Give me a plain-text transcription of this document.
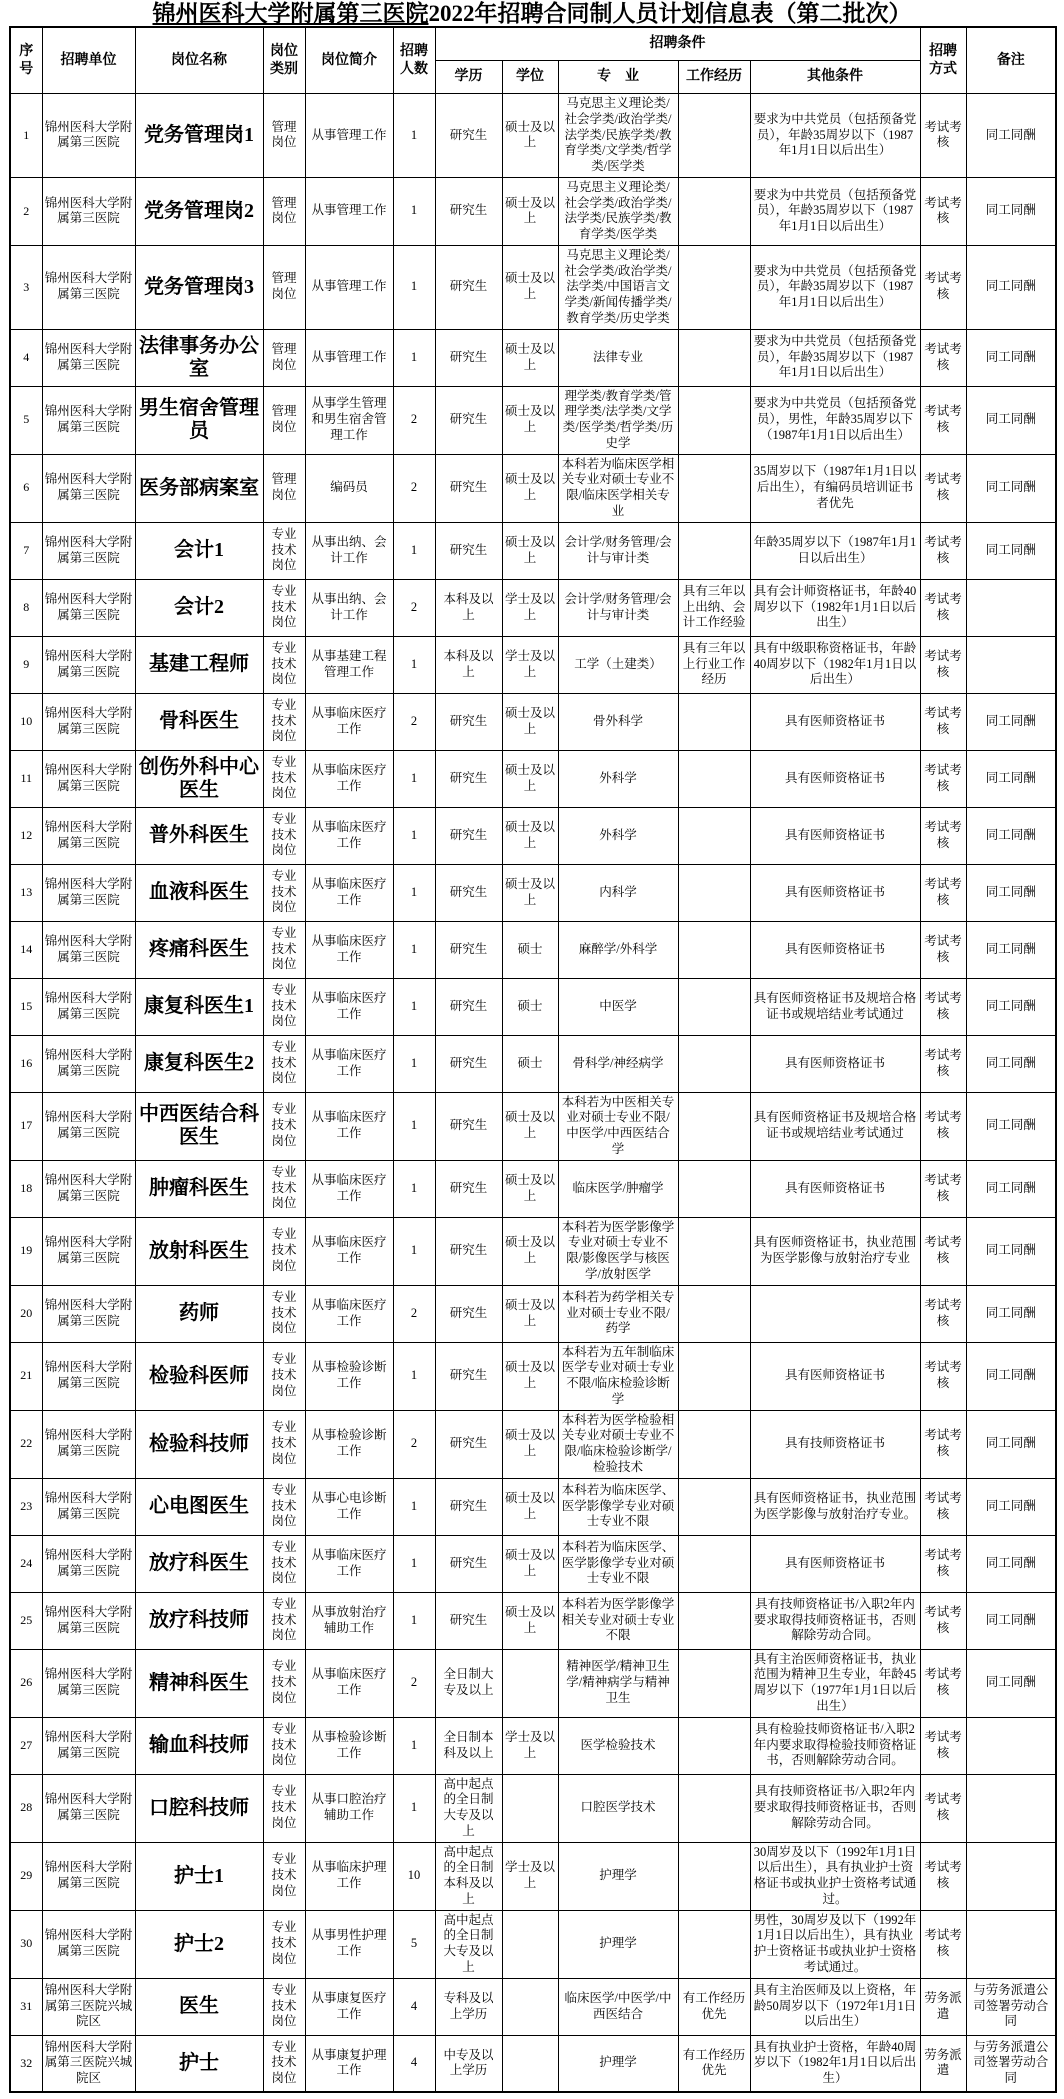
锦州医科大学附属第三医院2022年招聘合同制人员计划信息表（第二批次）
序号	招聘单位	岗位名称	岗位类别	岗位简介	招聘人数	招聘条件					招聘方式	备注
						学历	学位	专　业	工作经历	其他条件		
1	锦州医科大学附属第三医院	党务管理岗1	管理岗位	从事管理工作	1	研究生	硕士及以上	马克思主义理论类/社会学类/政治学类/法学类/民族学类/教育学类/文学类/哲学类/医学类		要求为中共党员（包括预备党员），年龄35周岁以下（1987年1月1日以后出生）	考试考核	同工同酬
2	锦州医科大学附属第三医院	党务管理岗2	管理岗位	从事管理工作	1	研究生	硕士及以上	马克思主义理论类/社会学类/政治学类/法学类/民族学类/教育学类/医学类		要求为中共党员（包括预备党员），年龄35周岁以下（1987年1月1日以后出生）	考试考核	同工同酬
3	锦州医科大学附属第三医院	党务管理岗3	管理岗位	从事管理工作	1	研究生	硕士及以上	马克思主义理论类/社会学类/政治学类/法学类/中国语言文学类/新闻传播学类/教育学类/历史学类		要求为中共党员（包括预备党员），年龄35周岁以下（1987年1月1日以后出生）	考试考核	同工同酬
4	锦州医科大学附属第三医院	法律事务办公室	管理岗位	从事管理工作	1	研究生	硕士及以上	法律专业		要求为中共党员（包括预备党员），年龄35周岁以下（1987年1月1日以后出生）	考试考核	同工同酬
5	锦州医科大学附属第三医院	男生宿舍管理员	管理岗位	从事学生管理和男生宿舍管理工作	2	研究生	硕士及以上	理学类/教育学类/管理学类/法学类/文学类/医学类/哲学类/历史学		要求为中共党员（包括预备党员），男性，年龄35周岁以下（1987年1月1日以后出生）	考试考核	同工同酬
6	锦州医科大学附属第三医院	医务部病案室	管理岗位	编码员	2	研究生	硕士及以上	本科若为临床医学相关专业对硕士专业不限/临床医学相关专业		35周岁以下（1987年1月1日以后出生），有编码员培训证书者优先	考试考核	同工同酬
7	锦州医科大学附属第三医院	会计1	专业技术岗位	从事出纳、会计工作	1	研究生	硕士及以上	会计学/财务管理/会计与审计类		年龄35周岁以下（1987年1月1日以后出生）	考试考核	同工同酬
8	锦州医科大学附属第三医院	会计2	专业技术岗位	从事出纳、会计工作	2	本科及以上	学士及以上	会计学/财务管理/会计与审计类	具有三年以上出纳、会计工作经验	具有会计师资格证书，年龄40周岁以下（1982年1月1日以后出生）	考试考核	
9	锦州医科大学附属第三医院	基建工程师	专业技术岗位	从事基建工程管理工作	1	本科及以上	学士及以上	工学（土建类）	具有三年以上行业工作经历	具有中级职称资格证书，年龄40周岁以下（1982年1月1日以后出生）	考试考核	
10	锦州医科大学附属第三医院	骨科医生	专业技术岗位	从事临床医疗工作	2	研究生	硕士及以上	骨外科学		具有医师资格证书	考试考核	同工同酬
11	锦州医科大学附属第三医院	创伤外科中心医生	专业技术岗位	从事临床医疗工作	1	研究生	硕士及以上	外科学		具有医师资格证书	考试考核	同工同酬
12	锦州医科大学附属第三医院	普外科医生	专业技术岗位	从事临床医疗工作	1	研究生	硕士及以上	外科学		具有医师资格证书	考试考核	同工同酬
13	锦州医科大学附属第三医院	血液科医生	专业技术岗位	从事临床医疗工作	1	研究生	硕士及以上	内科学		具有医师资格证书	考试考核	同工同酬
14	锦州医科大学附属第三医院	疼痛科医生	专业技术岗位	从事临床医疗工作	1	研究生	硕士	麻醉学/外科学		具有医师资格证书	考试考核	同工同酬
15	锦州医科大学附属第三医院	康复科医生1	专业技术岗位	从事临床医疗工作	1	研究生	硕士	中医学		具有医师资格证书及规培合格证书或规培结业考试通过	考试考核	同工同酬
16	锦州医科大学附属第三医院	康复科医生2	专业技术岗位	从事临床医疗工作	1	研究生	硕士	骨科学/神经病学		具有医师资格证书	考试考核	同工同酬
17	锦州医科大学附属第三医院	中西医结合科医生	专业技术岗位	从事临床医疗工作	1	研究生	硕士及以上	本科若为中医相关专业对硕士专业不限/中医学/中西医结合学		具有医师资格证书及规培合格证书或规培结业考试通过	考试考核	同工同酬
18	锦州医科大学附属第三医院	肿瘤科医生	专业技术岗位	从事临床医疗工作	1	研究生	硕士及以上	临床医学/肿瘤学		具有医师资格证书	考试考核	同工同酬
19	锦州医科大学附属第三医院	放射科医生	专业技术岗位	从事临床医疗工作	1	研究生	硕士及以上	本科若为医学影像学专业对硕士专业不限/影像医学与核医学/放射医学		具有医师资格证书，执业范围为医学影像与放射治疗专业	考试考核	同工同酬
20	锦州医科大学附属第三医院	药师	专业技术岗位	从事临床医疗工作	2	研究生	硕士及以上	本科若为药学相关专业对硕士专业不限/药学			考试考核	同工同酬
21	锦州医科大学附属第三医院	检验科医师	专业技术岗位	从事检验诊断工作	1	研究生	硕士及以上	本科若为五年制临床医学专业对硕士专业不限/临床检验诊断学		具有医师资格证书	考试考核	同工同酬
22	锦州医科大学附属第三医院	检验科技师	专业技术岗位	从事检验诊断工作	2	研究生	硕士及以上	本科若为医学检验相关专业对硕士专业不限/临床检验诊断学/检验技术		具有技师资格证书	考试考核	同工同酬
23	锦州医科大学附属第三医院	心电图医生	专业技术岗位	从事心电诊断工作	1	研究生	硕士及以上	本科若为临床医学、医学影像学专业对硕士专业不限		具有医师资格证书，执业范围为医学影像与放射治疗专业。	考试考核	同工同酬
24	锦州医科大学附属第三医院	放疗科医生	专业技术岗位	从事临床医疗工作	1	研究生	硕士及以上	本科若为临床医学、医学影像学专业对硕士专业不限		具有医师资格证书	考试考核	同工同酬
25	锦州医科大学附属第三医院	放疗科技师	专业技术岗位	从事放射治疗辅助工作	1	研究生	硕士及以上	本科若为医学影像学相关专业对硕士专业不限		具有技师资格证书/入职2年内要求取得技师资格证书，否则解除劳动合同。	考试考核	同工同酬
26	锦州医科大学附属第三医院	精神科医生	专业技术岗位	从事临床医疗工作	2	全日制大专及以上		精神医学/精神卫生学/精神病学与精神卫生		具有主治医师资格证书，执业范围为精神卫生专业，年龄45周岁以下（1977年1月1日以后出生）	考试考核	同工同酬
27	锦州医科大学附属第三医院	输血科技师	专业技术岗位	从事检验诊断工作	1	全日制本科及以上	学士及以上	医学检验技术		具有检验技师资格证书/入职2年内要求取得检验技师资格证书，否则解除劳动合同。	考试考核	
28	锦州医科大学附属第三医院	口腔科技师	专业技术岗位	从事口腔治疗辅助工作	1	高中起点的全日制大专及以上		口腔医学技术		具有技师资格证书/入职2年内要求取得技师资格证书，否则解除劳动合同。	考试考核	
29	锦州医科大学附属第三医院	护士1	专业技术岗位	从事临床护理工作	10	高中起点的全日制本科及以上	学士及以上	护理学		30周岁及以下（1992年1月1日以后出生），具有执业护士资格证书或执业护士资格考试通过。	考试考核	
30	锦州医科大学附属第三医院	护士2	专业技术岗位	从事男性护理工作	5	高中起点的全日制大专及以上		护理学		男性，30周岁及以下（1992年1月1日以后出生），具有执业护士资格证书或执业护士资格考试通过。	考试考核	
31	锦州医科大学附属第三医院兴城院区	医生	专业技术岗位	从事康复医疗工作	4	专科及以上学历		临床医学/中医学/中西医结合	有工作经历优先	具有主治医师及以上资格，年龄50周岁以下（1972年1月1日以后出生）	劳务派遣	与劳务派遣公司签署劳动合同
32	锦州医科大学附属第三医院兴城院区	护士	专业技术岗位	从事康复护理工作	4	中专及以上学历		护理学	有工作经历优先	具有执业护士资格，年龄40周岁以下（1982年1月1日以后出生）	劳务派遣	与劳务派遣公司签署劳动合同
